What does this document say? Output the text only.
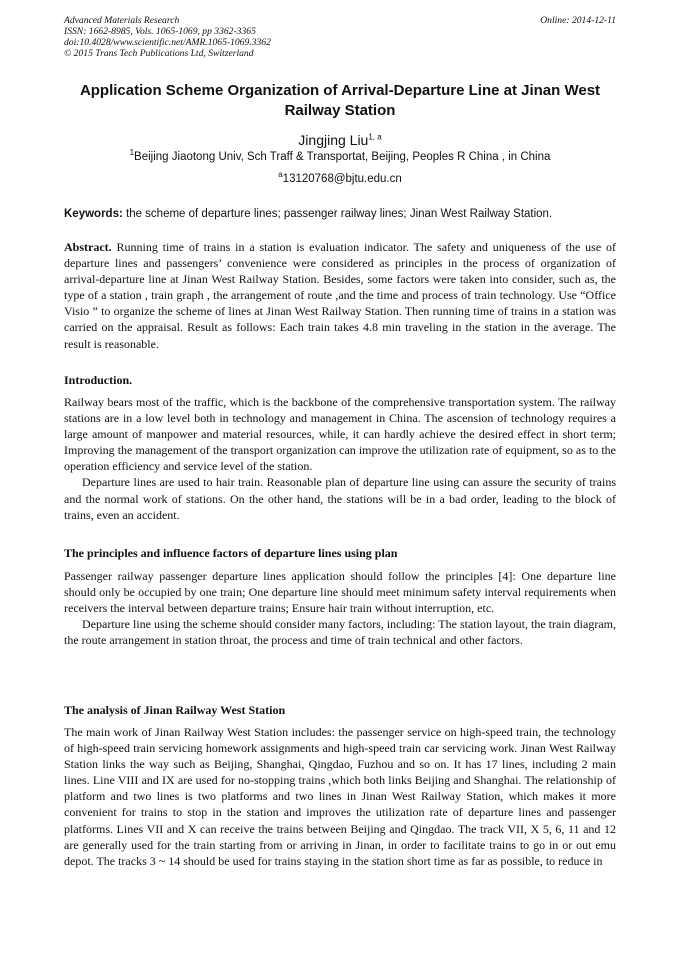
Advanced Materials Research
ISSN: 1662-8985, Vols. 1065-1069, pp 3362-3365
doi:10.4028/www.scientific.net/AMR.1065-1069.3362
© 2015 Trans Tech Publications Ltd, Switzerland
Online: 2014-12-11
Application Scheme Organization of Arrival-Departure Line at Jinan West Railway Station
Jingjing Liu$^{1, a}$
$^1$Beijing Jiaotong Univ, Sch Traff & Transportat, Beijing, Peoples R China , in China
$^a$13120768@bjtu.edu.cn
Keywords: the scheme of departure lines; passenger railway lines; Jinan West Railway Station.

Abstract. Running time of trains in a station is evaluation indicator. The safety and uniqueness of the use of departure lines and passengers’ convenience were considered as principles in the process of organization of arrival-departure line at Jinan West Railway Station. Besides, some factors were taken into consider, such as, the type of a station , train graph , the arrangement of route ,and the time and process of train technology. Use “Office Visio ” to organize the scheme of lines at Jinan West Railway Station. Then running time of trains in a station was carried on the appraisal. Result as follows: Each train takes 4.8 min traveling in the station in the average. The result is reasonable.

Introduction.

Railway bears most of the traffic, which is the backbone of the comprehensive transportation system. The railway stations are in a low level both in technology and management in China. The ascension of technology requires a large amount of manpower and material resources, while, it can hardly achieve the desired effect in short term; Improving the management of the transport organization can improve the utilization rate of equipment, so as to the operation efficiency and service level of the station.

Departure lines are used to hair train. Reasonable plan of departure line using can assure the security of trains and the normal work of stations. On the other hand, the stations will be in a bad order, leading to the block of trains, even an accident.

The principles and influence factors of departure lines using plan

Passenger railway passenger departure lines application should follow the principles [4]: One departure line should only be occupied by one train; One departure line should meet minimum safety interval requirements when receivers the interval between departure trains; Ensure hair train without interruption, etc.

Departure line using the scheme should consider many factors, including: The station layout, the train diagram, the route arrangement in station throat, the process and time of train technical and other factors.

The analysis of Jinan Railway West Station

The main work of Jinan Railway West Station includes: the passenger service on high-speed train, the technology of high-speed train servicing homework assignments and high-speed train car servicing work. Jinan West Railway Station links the way such as Beijing, Shanghai, Qingdao, Fuzhou and so on. It has 17 lines, including 2 main lines. Line VIII and IX are used for no-stopping trains ,which both links Beijing and Shanghai. The relationship of platform and two lines is two platforms and two lines in Jinan West Railway Station, which makes it more convenient for trains to stop in the station and improves the utilization rate of departure lines and passenger platforms. Lines VII and X can receive the trains between Beijing and Qingdao. The track VII, X 5, 6, 11 and 12 are generally used for the train starting from or arriving in Jinan, in order to facilitate trains to go in or out emu depot. The tracks 3 ~ 14 should be used for trains staying in the station short time as far as possible, to reduce in
